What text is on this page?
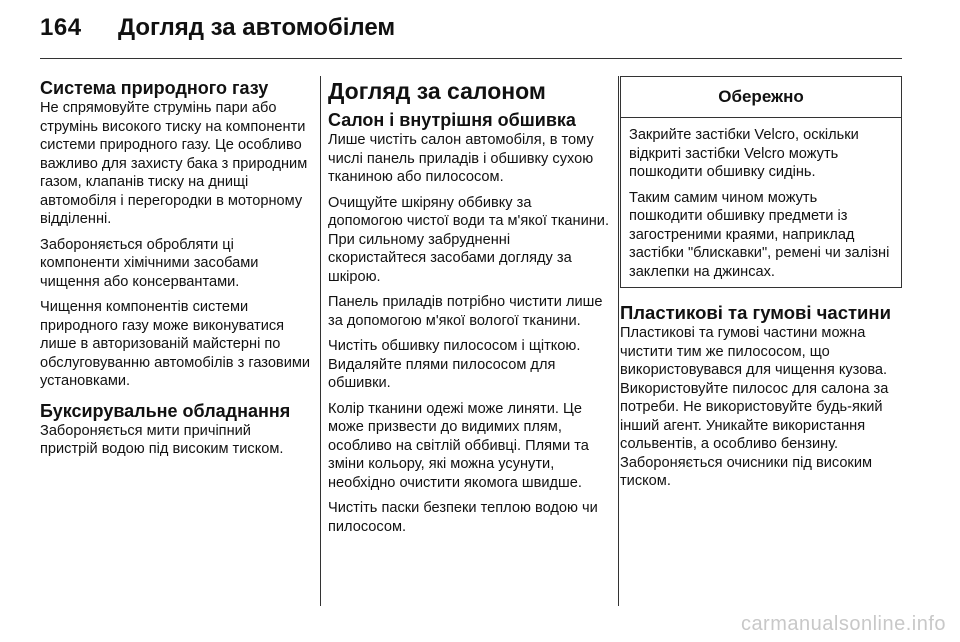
164 Догляд за автомобілем
Система природного газу

Не спрямовуйте струмінь пари або струмінь високого тиску на компоненти системи природного газу. Це особливо важливо для захисту бака з природним газом, клапанів тиску на днищі автомобіля і перегородки в моторному відділенні.

Забороняється обробляти ці компоненти хімічними засобами чищення або консервантами.

Чищення компонентів системи природного газу може виконуватися лише в авторизованій майстерні по обслуговуванню автомобілів з газовими установками.

Буксирувальне обладнання

Забороняється мити причіпний пристрій водою під високим тиском.

Догляд за салоном
Салон і внутрішня обшивка

Лише чистіть салон автомобіля, в тому числі панель приладів і обшивку сухою тканиною або пилососом.

Очищуйте шкіряну оббивку за допомогою чистої води та м'якої тканини. При сильному забрудненні скористайтеся засобами догляду за шкірою.

Панель приладів потрібно чистити лише за допомогою м'якої вологої тканини.

Чистіть обшивку пилососом і щіткою. Видаляйте плями пилососом для обшивки.

Колір тканини одежі може линяти. Це може призвести до видимих плям, особливо на світлій оббивці. Плями та зміни кольору, які можна усунути, необхідно очистити якомога швидше.

Чистіть паски безпеки теплою водою чи пилососом.

Обережно

Закрийте застібки Velcro, оскільки відкриті застібки Velcro можуть пошкодити обшивку сидінь.

Таким самим чином можуть пошкодити обшивку предмети із загостреними краями, наприклад застібки "блискавки", ремені чи залізні заклепки на джинсах.

Пластикові та гумові частини

Пластикові та гумові частини можна чистити тим же пилососом, що використовувався для чищення кузова. Використовуйте пилосос для салона за потреби. Не використовуйте будь-який інший агент. Уникайте використання сольвентів, а особливо бензину. Забороняється очисники під високим тиском.

carmanualsonline.info
